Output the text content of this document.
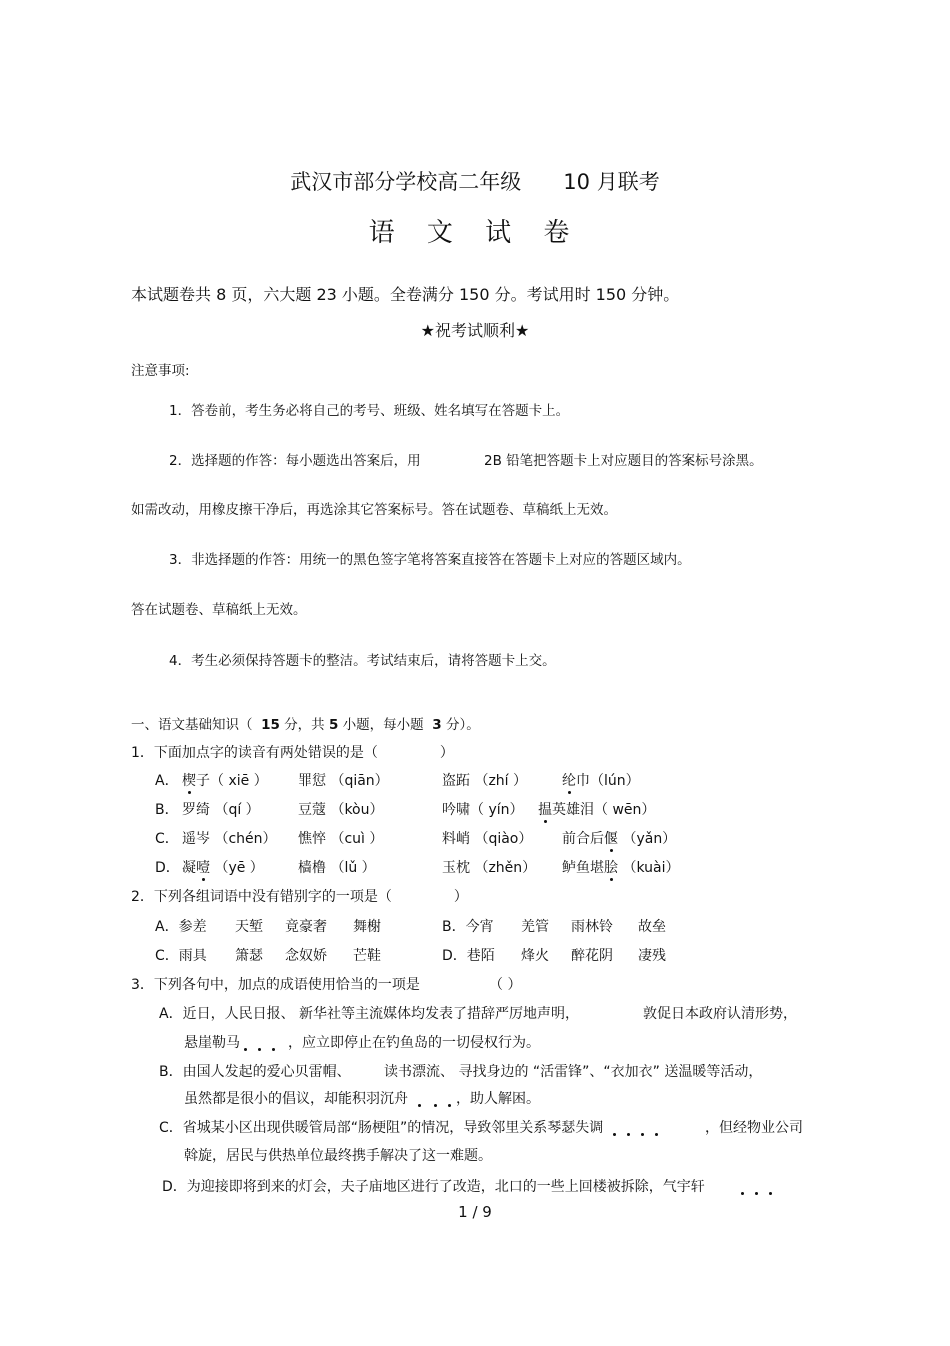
武汉市部分学校高二年级 10 月联考
语 文 试 卷
本试题卷共 8 页，六大题 23 小题。全卷满分 150 分。考试用时 150 分钟。
★祝考试顺利★
注意事项:
1．答卷前，考生务必将自己的考号、班级、姓名填写在答题卡上。
2．选择题的作答：每小题选出答案后，用	2B 铅笔把答题卡上对应题目的答案标号涂黑。
如需改动，用橡皮擦干净后，再选涂其它答案标号。答在试题卷、草稿纸上无效。
3．非选择题的作答：用统一的黑色签字笔将答案直接答在答题卡上对应的答题区域内。
答在试题卷、草稿纸上无效。
4．考生必须保持答题卡的整洁。考试结束后，请将答题卡上交。
一、语文基础知识（ 15 分，共 5 小题，每小题 3 分）。
1．下面加点字的读音有两处错误的是（	）
A． 楔子（ xiē ） 罪愆 （qiān）	盗跖 （zhí ） 纶巾（lún）
B． 罗绮 （qí ）	豆蔻 （kòu）	吟啸（ yín） 揾英雄泪（ wēn）
C． 遥岑 （chén） 憔悴 （cuì ）	料峭 （qiào） 前合后偃 （yǎn）
D． 凝噎 （yē ） 樯橹 （lǔ ）	玉枕 （zhěn） 鲈鱼堪脍 （kuài）
2．下列各组词语中没有错别字的一项是（	）
A．参差 天堑 竟豪奢 舞榭	B．今宵 羌管 雨林铃 故垒
C．雨具 箫瑟 念奴娇 芒鞋	D．巷陌 烽火 醉花阴 凄残
3．下列各句中，加点的成语使用恰当的一项是	（ ）
A．近日，人民日报、 新华社等主流媒体均发表了措辞严厉地声明，	敦促日本政府认清形势，
悬崖勒马	，应立即停止在钓鱼岛的一切侵权行为。
B．由国人发起的爱心贝雷帽、 读书漂流、 寻找身边的 “活雷锋”、“衣加衣” 送温暖等活动，
虽然都是很小的倡议，却能积羽沉舟	，助人解困。
C．省城某小区出现供暖管局部“肠梗阻”的情况，导致邻里关系琴瑟失调	，但经物业公司
斡旋，居民与供热单位最终携手解决了这一难题。
D．为迎接即将到来的灯会，夫子庙地区进行了改造，北口的一些上回楼被拆除，气宇轩
1 / 9
